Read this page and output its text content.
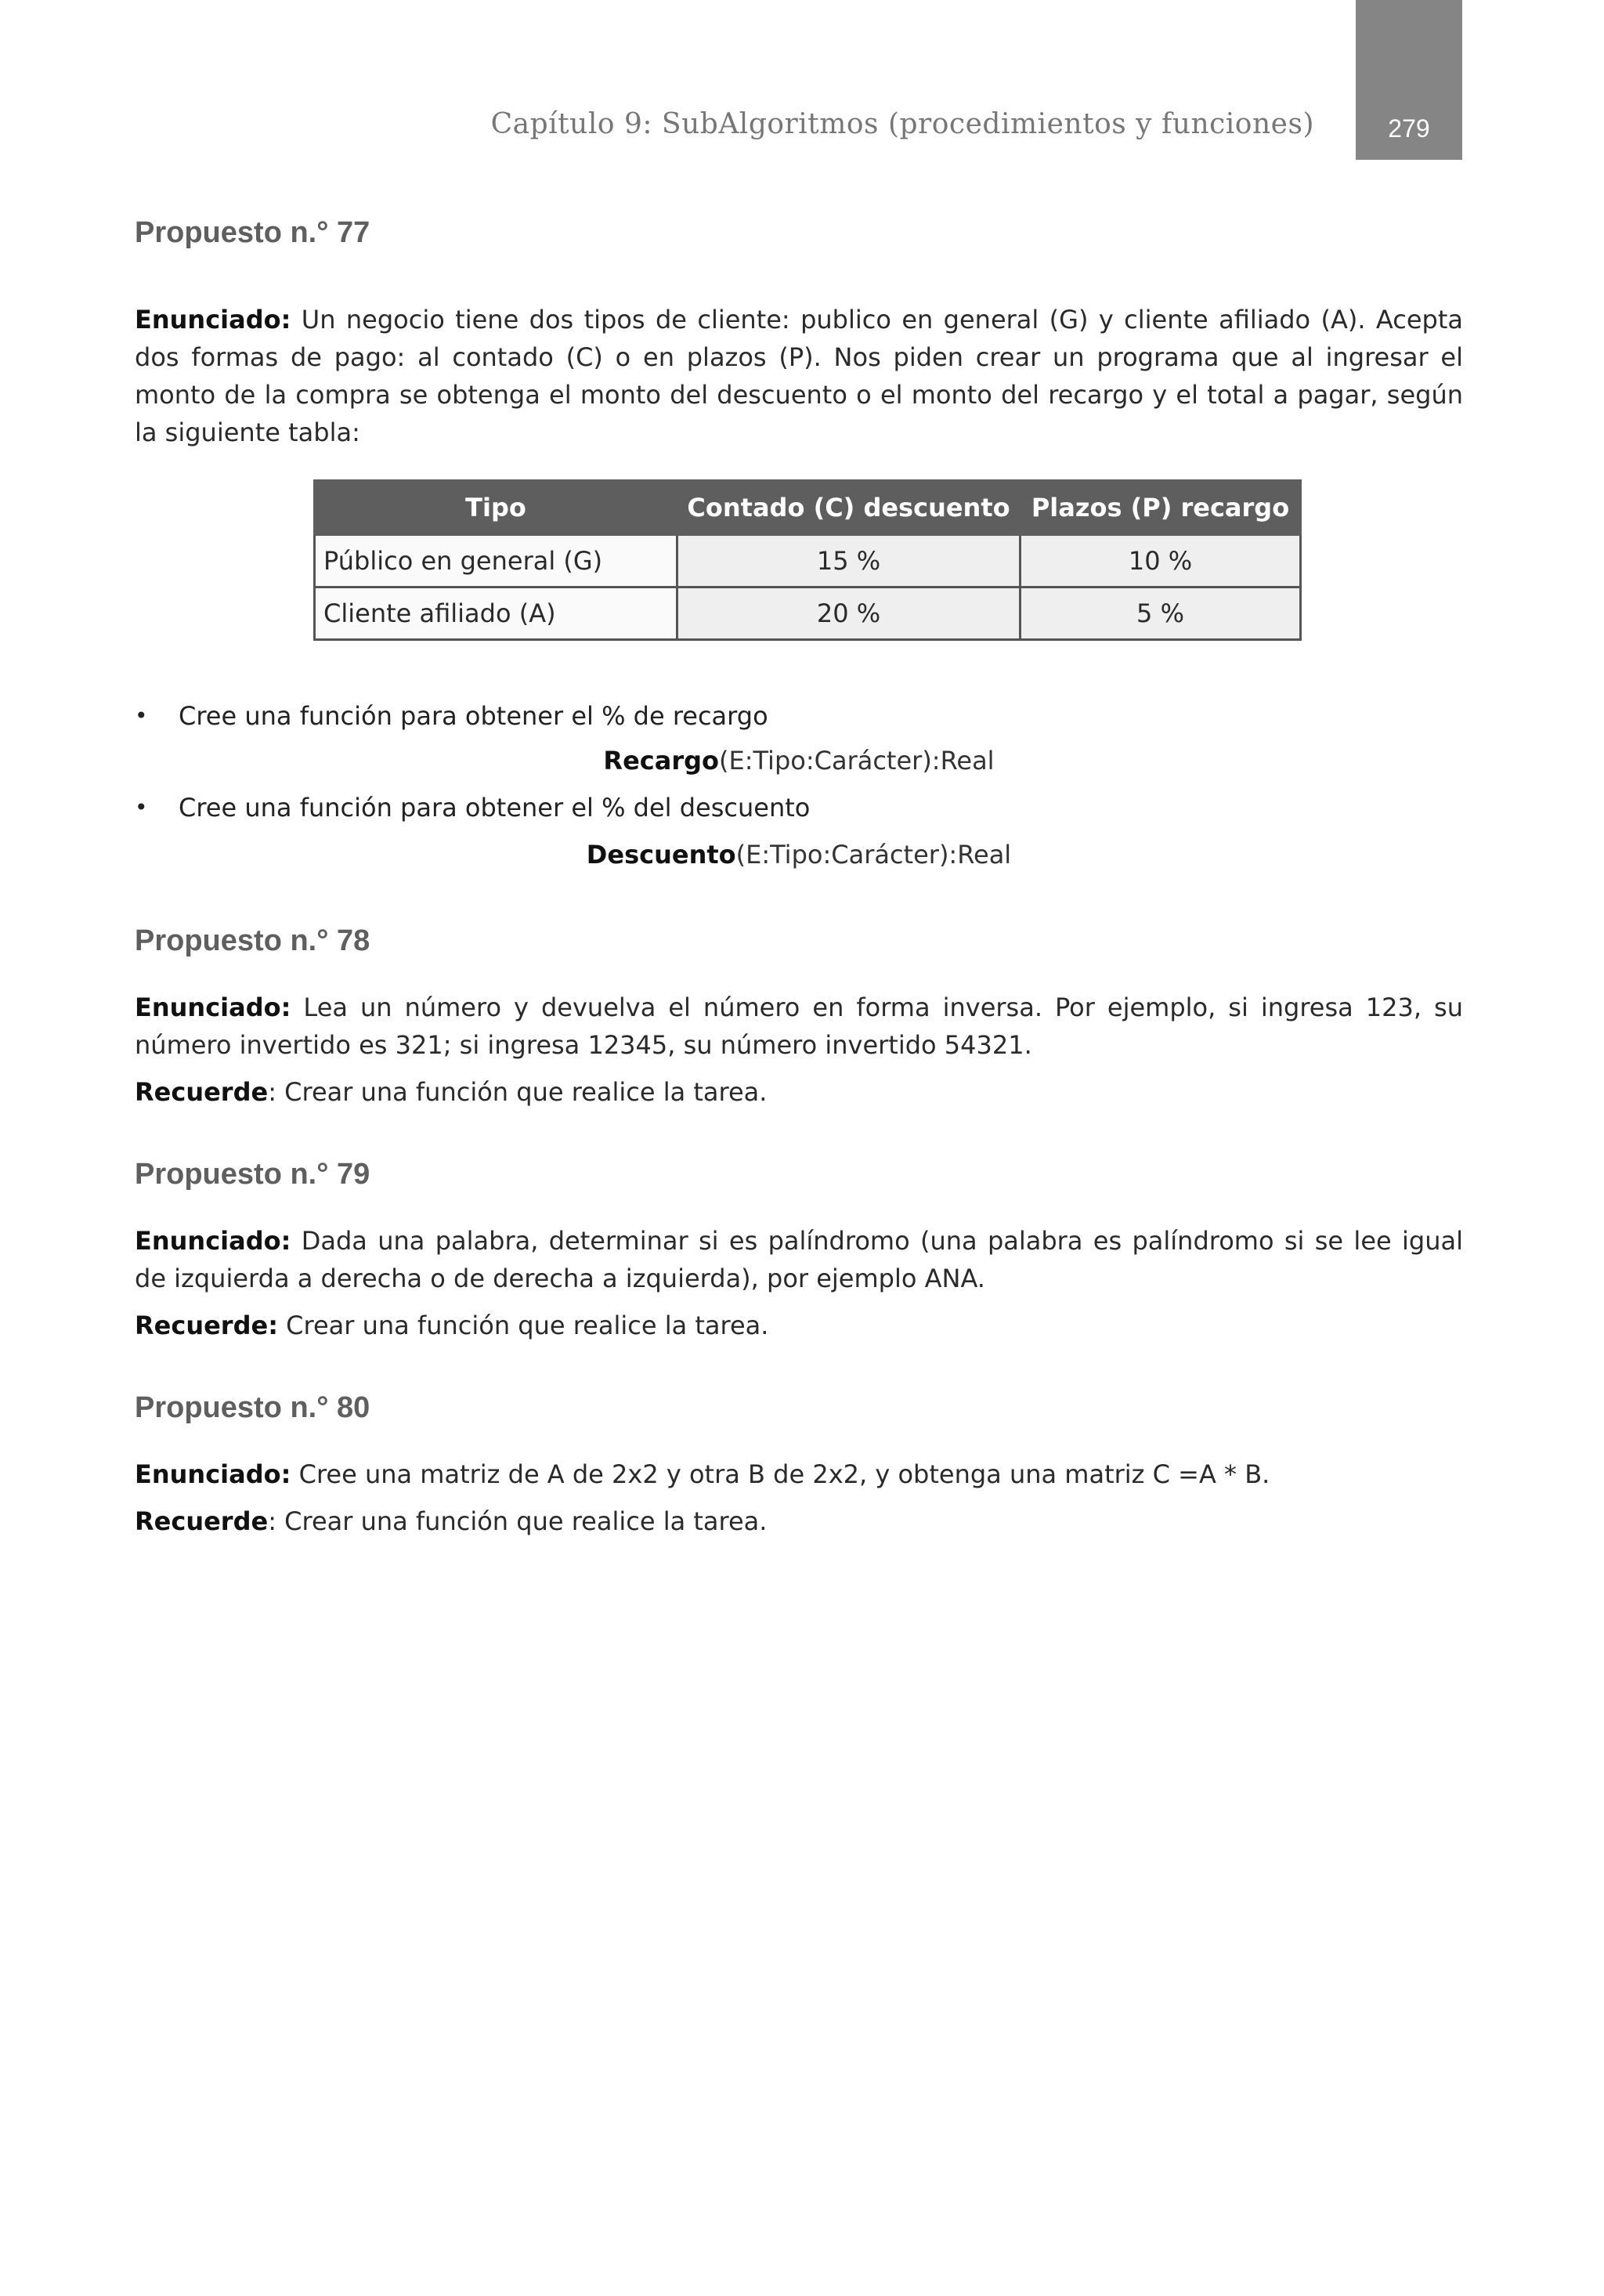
Capítulo 9: SubAlgoritmos (procedimientos y funciones)	279
Propuesto n.° 77

Enunciado: Un negocio tiene dos tipos de cliente: publico en general (G) y cliente afiliado (A). Acepta dos formas de pago: al contado (C) o en plazos (P). Nos piden crear un programa que al ingresar el monto de la compra se obtenga el monto del descuento o el monto del recargo y el total a pagar, según la siguiente tabla:

Tipo	Contado (C) descuento	Plazos (P) recargo
Público en general (G)	15 %	10 %
Cliente afiliado (A)	20 %	5 %
• Cree una función para obtener el % de recargo
Recargo(E:Tipo:Carácter):Real
• Cree una función para obtener el % del descuento
Descuento(E:Tipo:Carácter):Real
Propuesto n.° 78

Enunciado: Lea un número y devuelva el número en forma inversa. Por ejemplo, si ingresa 123, su número invertido es 321; si ingresa 12345, su número invertido 54321.

Recuerde: Crear una función que realice la tarea.

Propuesto n.° 79

Enunciado: Dada una palabra, determinar si es palíndromo (una palabra es palíndromo si se lee igual de izquierda a derecha o de derecha a izquierda), por ejemplo ANA.

Recuerde: Crear una función que realice la tarea.

Propuesto n.° 80

Enunciado: Cree una matriz de A de 2x2 y otra B de 2x2, y obtenga una matriz C =A * B.

Recuerde: Crear una función que realice la tarea.
